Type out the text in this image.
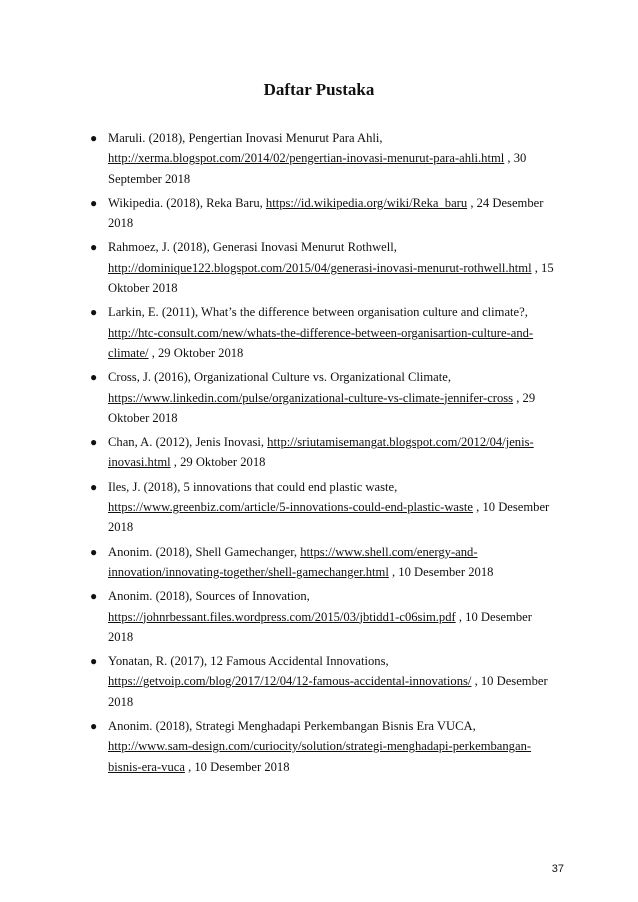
Daftar Pustaka
● Maruli. (2018), Pengertian Inovasi Menurut Para Ahli, http://xerma.blogspot.com/2014/02/pengertian-inovasi-menurut-para-ahli.html , 30 September 2018
● Wikipedia. (2018), Reka Baru, https://id.wikipedia.org/wiki/Reka_baru , 24 Desember 2018
● Rahmoez, J. (2018), Generasi Inovasi Menurut Rothwell, http://dominique122.blogspot.com/2015/04/generasi-inovasi-menurut-rothwell.html , 15 Oktober 2018
● Larkin, E. (2011), What’s the difference between organisation culture and climate?, http://htc-consult.com/new/whats-the-difference-between-organisartion-culture-and-climate/ , 29 Oktober 2018
● Cross, J. (2016), Organizational Culture vs. Organizational Climate, https://www.linkedin.com/pulse/organizational-culture-vs-climate-jennifer-cross , 29 Oktober 2018
● Chan, A. (2012), Jenis Inovasi, http://sriutamisemangat.blogspot.com/2012/04/jenis-inovasi.html , 29 Oktober 2018
● Iles, J. (2018), 5 innovations that could end plastic waste, https://www.greenbiz.com/article/5-innovations-could-end-plastic-waste , 10 Desember 2018
● Anonim. (2018), Shell Gamechanger, https://www.shell.com/energy-and-innovation/innovating-together/shell-gamechanger.html , 10 Desember 2018
● Anonim. (2018), Sources of Innovation, https://johnrbessant.files.wordpress.com/2015/03/jbtidd1-c06sim.pdf , 10 Desember 2018
● Yonatan, R. (2017), 12 Famous Accidental Innovations, https://getvoip.com/blog/2017/12/04/12-famous-accidental-innovations/ , 10 Desember 2018
● Anonim. (2018), Strategi Menghadapi Perkembangan Bisnis Era VUCA, http://www.sam-design.com/curiocity/solution/strategi-menghadapi-perkembangan-bisnis-era-vuca , 10 Desember 2018
37
